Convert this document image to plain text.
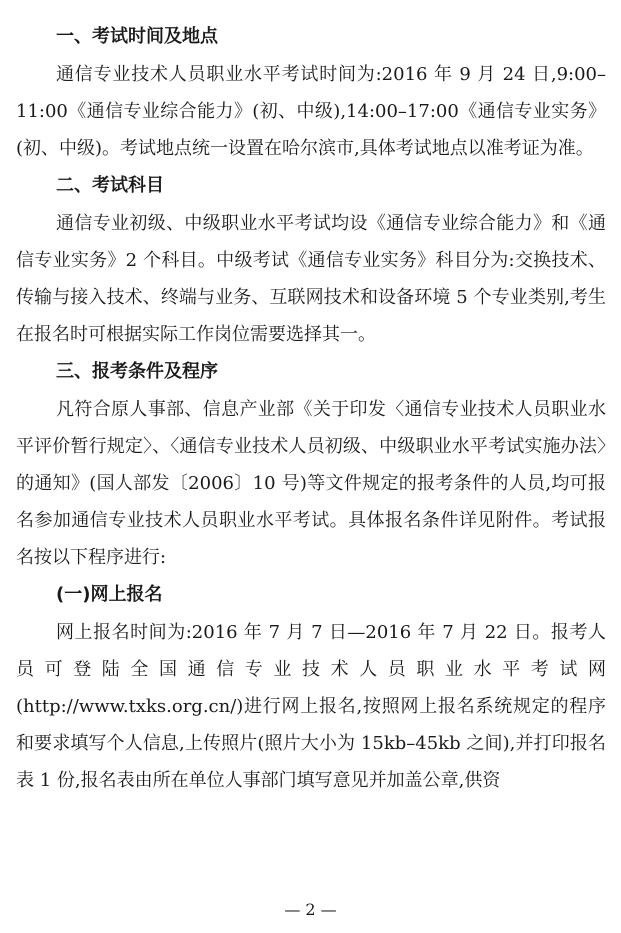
一、考试时间及地点

通信专业技术人员职业水平考试时间为:2016 年 9 月 24 日,9:00–11:00《通信专业综合能力》(初、中级),14:00–17:00《通信专业实务》(初、中级)。考试地点统一设置在哈尔滨市,具体考试地点以准考证为准。

二、考试科目

通信专业初级、中级职业水平考试均设《通信专业综合能力》和《通信专业实务》2 个科目。中级考试《通信专业实务》科目分为:交换技术、传输与接入技术、终端与业务、互联网技术和设备环境 5 个专业类别,考生在报名时可根据实际工作岗位需要选择其一。

三、报考条件及程序

凡符合原人事部、信息产业部《关于印发〈通信专业技术人员职业水平评价暂行规定〉、〈通信专业技术人员初级、中级职业水平考试实施办法〉的通知》(国人部发〔2006〕10 号)等文件规定的报考条件的人员,均可报名参加通信专业技术人员职业水平考试。具体报名条件详见附件。考试报名按以下程序进行:

(一)网上报名

网上报名时间为:2016 年 7 月 7 日—2016 年 7 月 22 日。报考人员可登陆全国通信专业技术人员职业水平考试网(http://www.txks.org.cn/)进行网上报名,按照网上报名系统规定的程序和要求填写个人信息,上传照片(照片大小为 15kb–45kb 之间),并打印报名表 1 份,报名表由所在单位人事部门填写意见并加盖公章,供资

— 2 —
